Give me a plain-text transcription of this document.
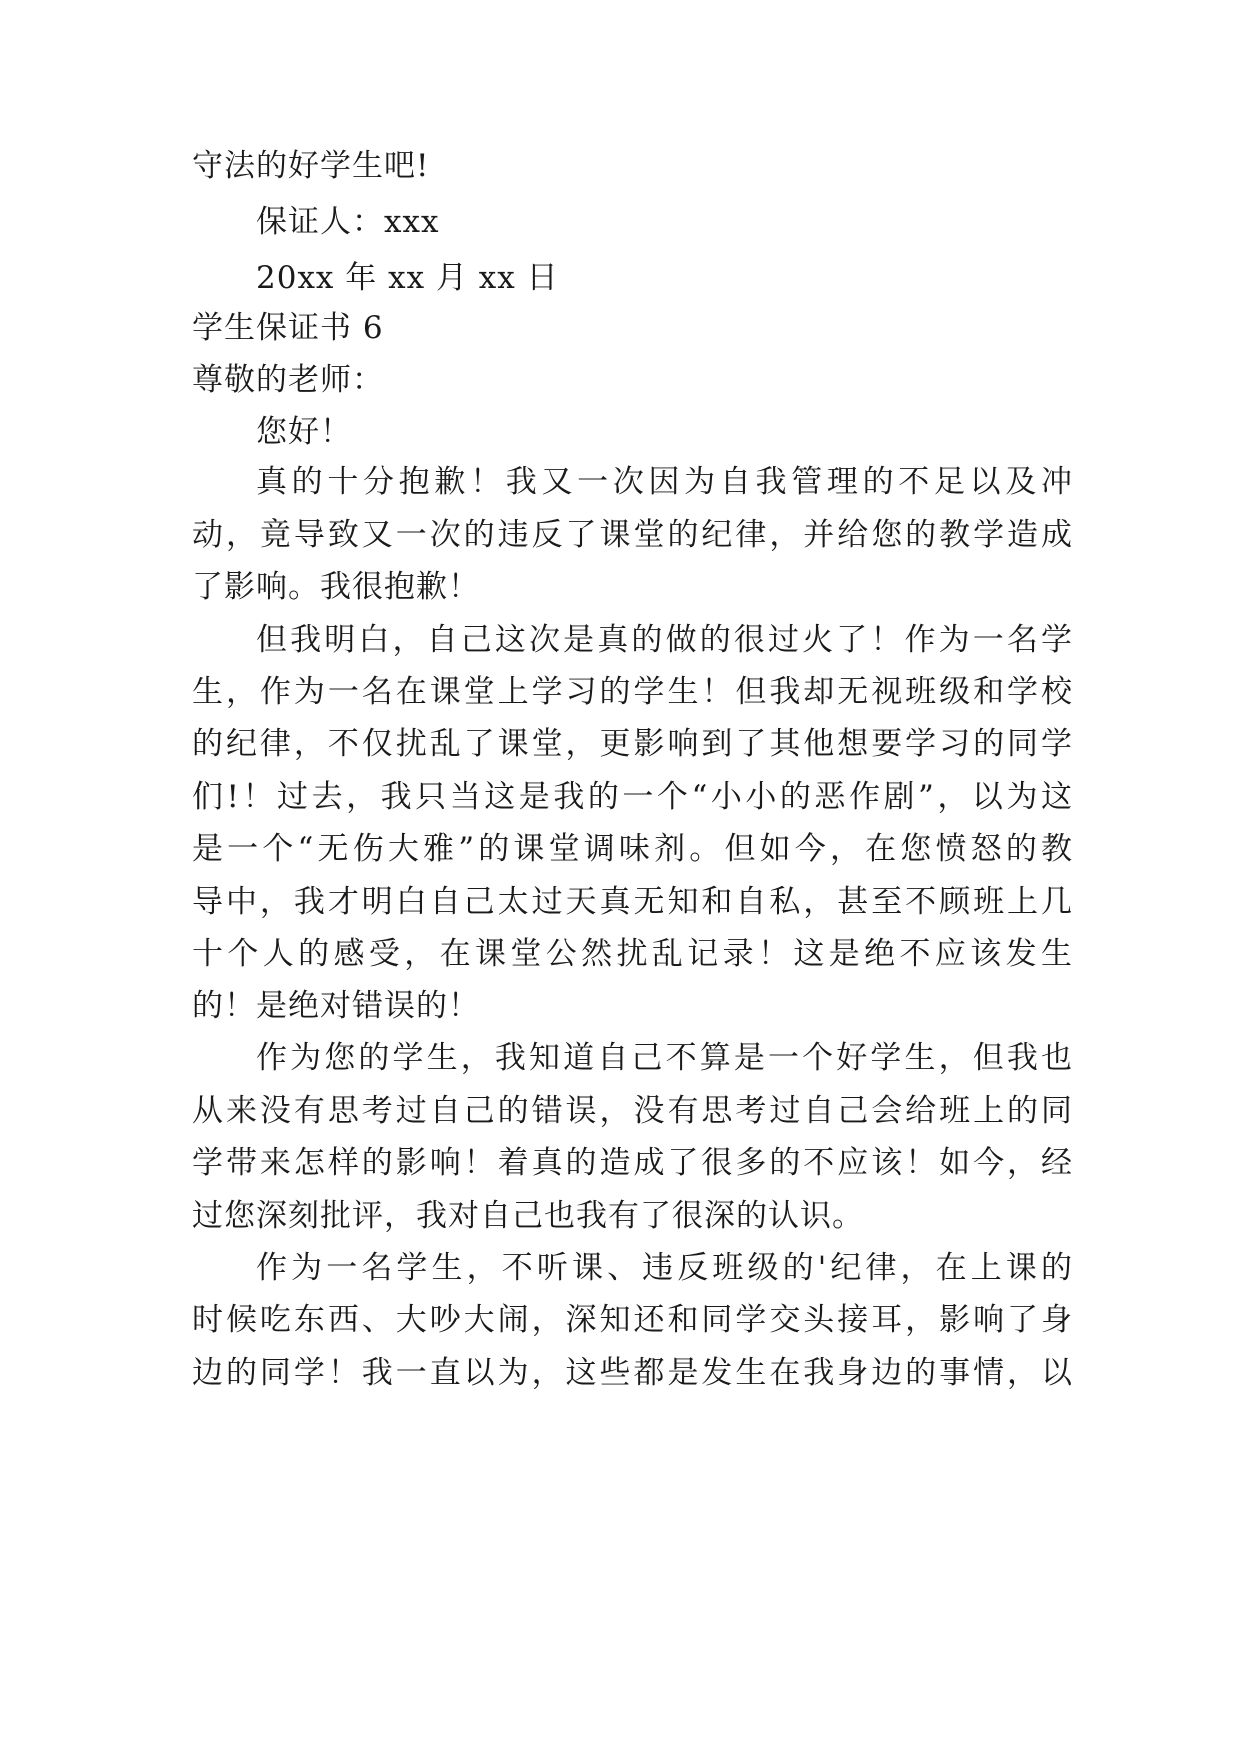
守法的好学生吧!
保证人：xxx
20xx 年 xx 月 xx 日
学生保证书 6
尊敬的老师：
您好！
真的十分抱歉！我又一次因为自我管理的不足以及冲
动，竟导致又一次的违反了课堂的纪律，并给您的教学造成
了影响。我很抱歉！
但我明白，自己这次是真的做的很过火了！作为一名学
生，作为一名在课堂上学习的学生！但我却无视班级和学校
的纪律，不仅扰乱了课堂，更影响到了其他想要学习的同学
们!！过去，我只当这是我的一个“小小的恶作剧”，以为这
是一个“无伤大雅”的课堂调味剂。但如今，在您愤怒的教
导中，我才明白自己太过天真无知和自私，甚至不顾班上几
十个人的感受，在课堂公然扰乱记录！这是绝不应该发生
的！是绝对错误的！
作为您的学生，我知道自己不算是一个好学生，但我也
从来没有思考过自己的错误，没有思考过自己会给班上的同
学带来怎样的影响！着真的造成了很多的不应该！如今，经
过您深刻批评，我对自己也我有了很深的认识。
作为一名学生，不听课、违反班级的'纪律，在上课的
时候吃东西、大吵大闹，深知还和同学交头接耳，影响了身
边的同学！我一直以为，这些都是发生在我身边的事情，以
